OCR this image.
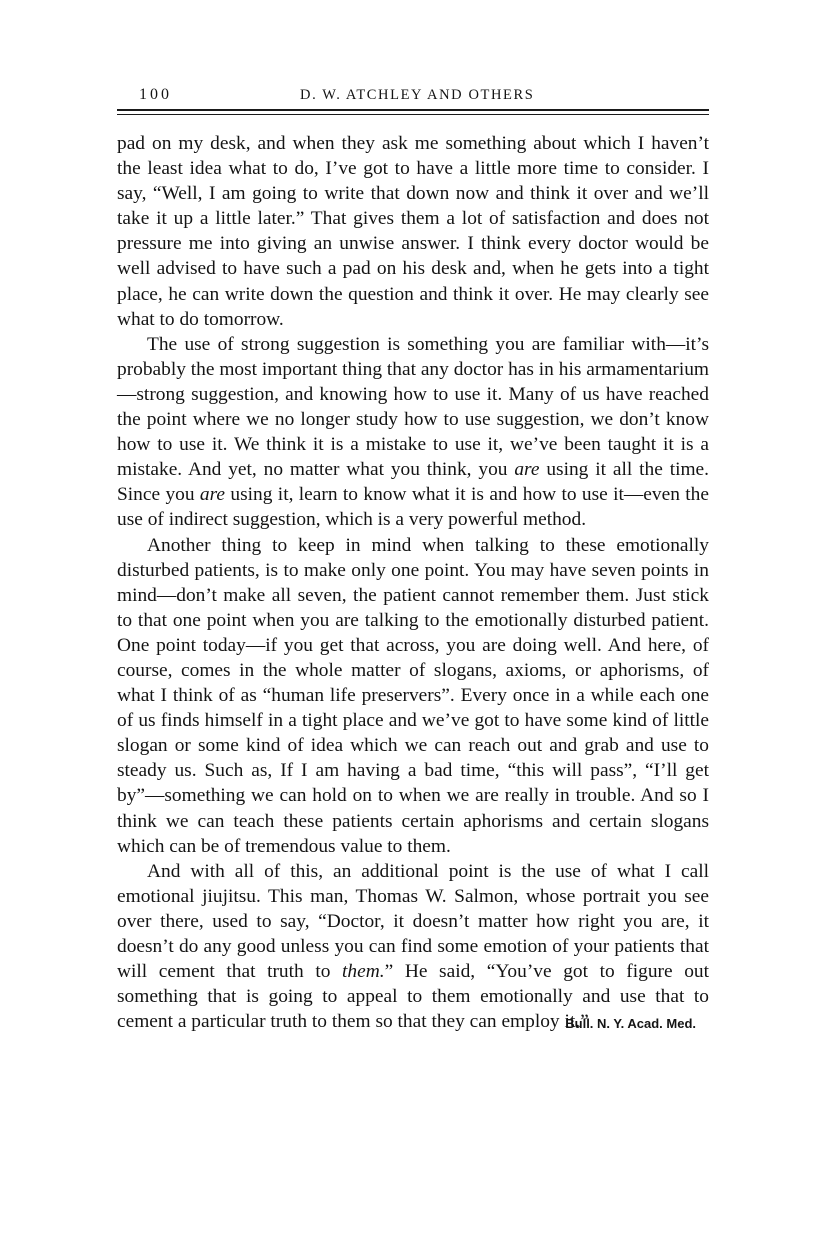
100	D. W. ATCHLEY AND OTHERS

pad on my desk, and when they ask me something about which I haven’t the least idea what to do, I’ve got to have a little more time to consider. I say, “Well, I am going to write that down now and think it over and we’ll take it up a little later.” That gives them a lot of satisfaction and does not pressure me into giving an unwise answer. I think every doctor would be well advised to have such a pad on his desk and, when he gets into a tight place, he can write down the question and think it over. He may clearly see what to do tomorrow.

The use of strong suggestion is something you are familiar with—it’s probably the most important thing that any doctor has in his armamentarium—strong suggestion, and knowing how to use it. Many of us have reached the point where we no longer study how to use suggestion, we don’t know how to use it. We think it is a mistake to use it, we’ve been taught it is a mistake. And yet, no matter what you think, you are using it all the time. Since you are using it, learn to know what it is and how to use it—even the use of indirect suggestion, which is a very powerful method.

Another thing to keep in mind when talking to these emotionally disturbed patients, is to make only one point. You may have seven points in mind—don’t make all seven, the patient cannot remember them. Just stick to that one point when you are talking to the emotionally disturbed patient. One point today—if you get that across, you are doing well. And here, of course, comes in the whole matter of slogans, axioms, or aphorisms, of what I think of as “human life preservers”. Every once in a while each one of us finds himself in a tight place and we’ve got to have some kind of little slogan or some kind of idea which we can reach out and grab and use to steady us. Such as, If I am having a bad time, “this will pass”, “I’ll get by”—something we can hold on to when we are really in trouble. And so I think we can teach these patients certain aphorisms and certain slogans which can be of tremendous value to them.

And with all of this, an additional point is the use of what I call emotional jiujitsu. This man, Thomas W. Salmon, whose portrait you see over there, used to say, “Doctor, it doesn’t matter how right you are, it doesn’t do any good unless you can find some emotion of your patients that will cement that truth to them.” He said, “You’ve got to figure out something that is going to appeal to them emotionally and use that to cement a particular truth to them so that they can employ it.”

Bull. N. Y. Acad. Med.
